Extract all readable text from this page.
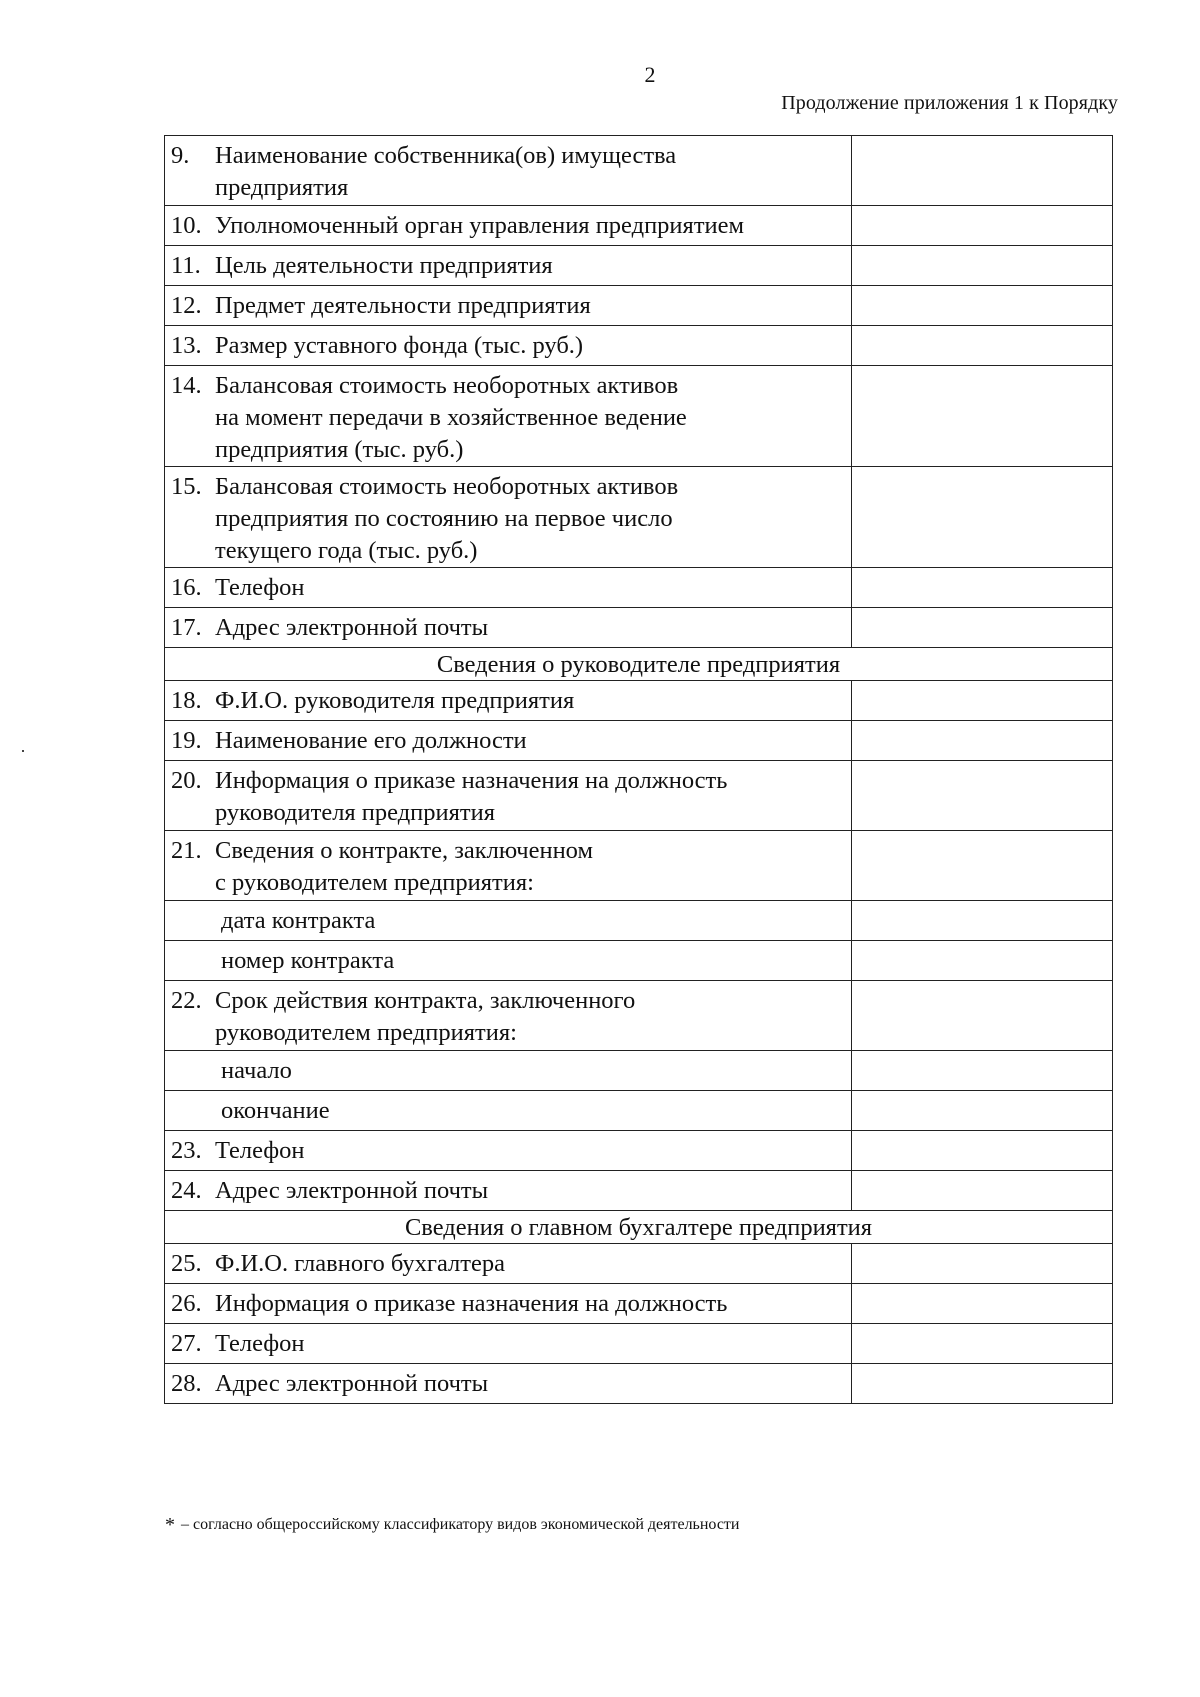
2
Продолжение приложения 1 к Порядку
9. Наименование собственника(ов) имущества
предприятия	

10. Уполномоченный орган управления предприятием	

11. Цель деятельности предприятия	

12. Предмет деятельности предприятия	

13. Размер уставного фонда (тыс. руб.)	

14. Балансовая стоимость необоротных активов
на момент передачи в хозяйственное ведение
предприятия (тыс. руб.)	

15. Балансовая стоимость необоротных активов
предприятия по состоянию на первое число
текущего года (тыс. руб.)	

16. Телефон	

17. Адрес электронной почты	

Сведения о руководителе предприятия	

18. Ф.И.О. руководителя предприятия	

19. Наименование его должности	

20. Информация о приказе назначения на должность
руководителя предприятия	

21. Сведения о контракте, заключенном
с руководителем предприятия:	

дата контракта	

номер контракта	

22. Срок действия контракта, заключенного
руководителем предприятия:	

начало	

окончание	

23. Телефон	

24. Адрес электронной почты	

Сведения о главном бухгалтере предприятия	

25. Ф.И.О. главного бухгалтера	

26. Информация о приказе назначения на должность	

27. Телефон	

28. Адрес электронной почты	

* – согласно общероссийскому классификатору видов экономической деятельности
